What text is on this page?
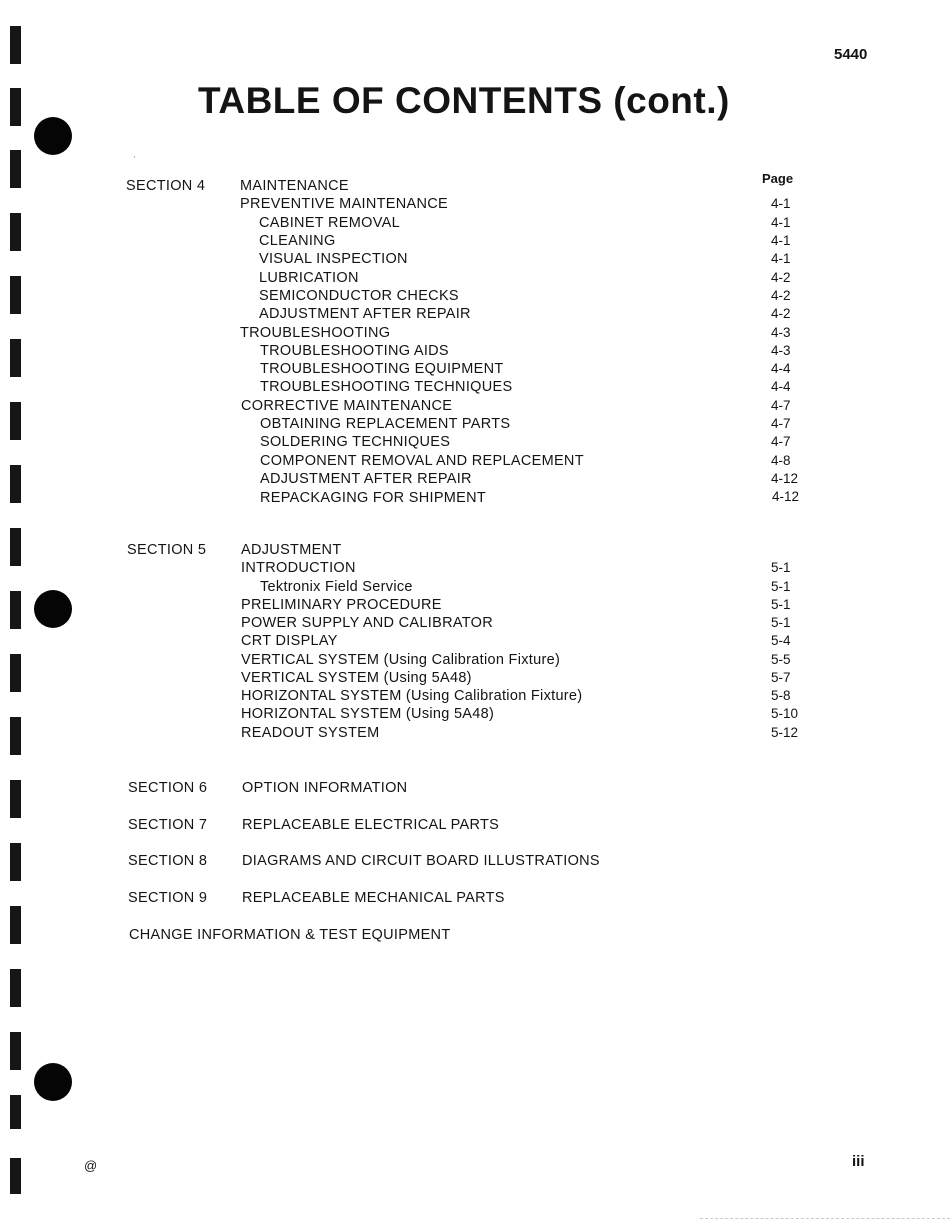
5440
TABLE OF CONTENTS (cont.)
ˌ
Page
SECTION 4 MAINTENANCE
PREVENTIVE MAINTENANCE	4-1
CABINET REMOVAL	4-1
CLEANING	4-1
VISUAL INSPECTION	4-1
LUBRICATION	4-2
SEMICONDUCTOR CHECKS	4-2
ADJUSTMENT AFTER REPAIR	4-2
TROUBLESHOOTING	4-3
TROUBLESHOOTING AIDS	4-3
TROUBLESHOOTING EQUIPMENT	4-4
TROUBLESHOOTING TECHNIQUES	4-4
CORRECTIVE MAINTENANCE	4-7
OBTAINING REPLACEMENT PARTS	4-7
SOLDERING TECHNIQUES	4-7
COMPONENT REMOVAL AND REPLACEMENT	4-8
ADJUSTMENT AFTER REPAIR	4-12
REPACKAGING FOR SHIPMENT	4-12
SECTION 5 ADJUSTMENT
INTRODUCTION	5-1
Tektronix Field Service	5-1
PRELIMINARY PROCEDURE	5-1
POWER SUPPLY AND CALIBRATOR	5-1
CRT DISPLAY	5-4
VERTICAL SYSTEM (Using Calibration Fixture)	5-5
VERTICAL SYSTEM (Using 5A48)	5-7
HORIZONTAL SYSTEM (Using Calibration Fixture)	5-8
HORIZONTAL SYSTEM (Using 5A48)	5-10
READOUT SYSTEM	5-12
SECTION 6 OPTION INFORMATION
SECTION 7 REPLACEABLE ELECTRICAL PARTS
SECTION 8 DIAGRAMS AND CIRCUIT BOARD ILLUSTRATIONS
SECTION 9 REPLACEABLE MECHANICAL PARTS
CHANGE INFORMATION & TEST EQUIPMENT
@	iii
